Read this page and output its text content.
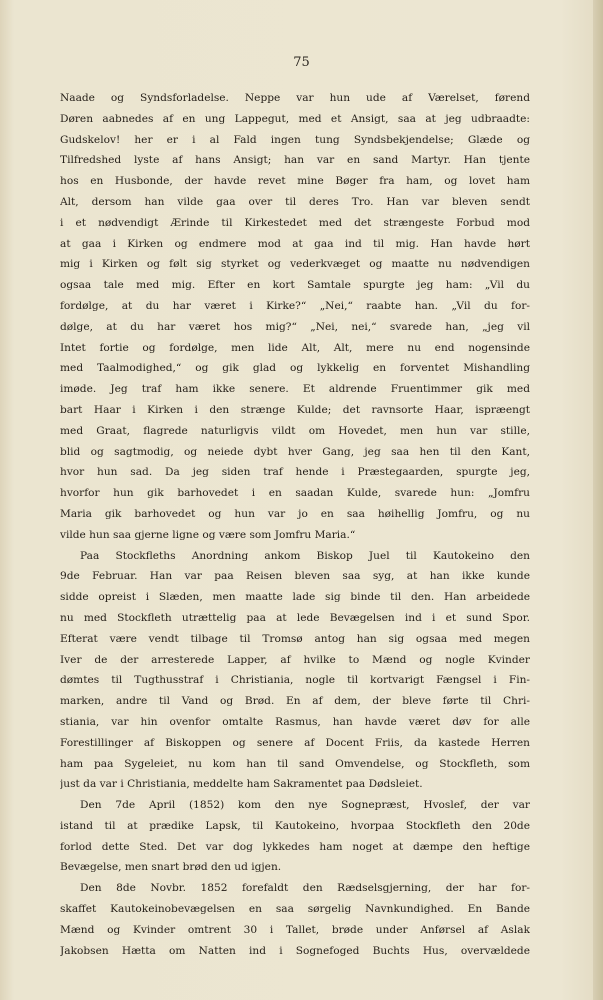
75
Naade og Syndsforladelse. Neppe var hun ude af Værelset, førend
Døren aabnedes af en ung Lappegut, med et Ansigt, saa at jeg udbraadte:
Gudskelov! her er i al Fald ingen tung Syndsbekjendelse; Glæde og
Tilfredshed lyste af hans Ansigt; han var en sand Martyr. Han tjente
hos en Husbonde, der havde revet mine Bøger fra ham, og lovet ham
Alt, dersom han vilde gaa over til deres Tro. Han var bleven sendt
i et nødvendigt Ærinde til Kirkestedet med det strængeste Forbud mod
at gaa i Kirken og endmere mod at gaa ind til mig. Han havde hørt
mig i Kirken og følt sig styrket og vederkvæget og maatte nu nødvendigen
ogsaa tale med mig. Efter en kort Samtale spurgte jeg ham: „Vil du
fordølge, at du har været i Kirke?“ „Nei,“ raabte han. „Vil du for-
dølge, at du har været hos mig?“ „Nei, nei,“ svarede han, „jeg vil
Intet fortie og fordølge, men lide Alt, Alt, mere nu end nogensinde
med Taalmodighed,“ og gik glad og lykkelig en forventet Mishandling
imøde. Jeg traf ham ikke senere. Et aldrende Fruentimmer gik med
bart Haar i Kirken i den strænge Kulde; det ravnsorte Haar, ispræengt
med Graat, flagrede naturligvis vildt om Hovedet, men hun var stille,
blid og sagtmodig, og neiede dybt hver Gang, jeg saa hen til den Kant,
hvor hun sad. Da jeg siden traf hende i Præstegaarden, spurgte jeg,
hvorfor hun gik barhovedet i en saadan Kulde, svarede hun: „Jomfru
Maria gik barhovedet og hun var jo en saa høihellig Jomfru, og nu
vilde hun saa gjerne ligne og være som Jomfru Maria.“
Paa Stockfleths Anordning ankom Biskop Juel til Kautokeino den
9de Februar. Han var paa Reisen bleven saa syg, at han ikke kunde
sidde opreist i Slæden, men maatte lade sig binde til den. Han arbeidede
nu med Stockfleth utrættelig paa at lede Bevægelsen ind i et sund Spor.
Efterat være vendt tilbage til Tromsø antog han sig ogsaa med megen
Iver de der arresterede Lapper, af hvilke to Mænd og nogle Kvinder
dømtes til Tugthusstraf i Christiania, nogle til kortvarigt Fængsel i Fin-
marken, andre til Vand og Brød. En af dem, der bleve førte til Chri-
stiania, var hin ovenfor omtalte Rasmus, han havde været døv for alle
Forestillinger af Biskoppen og senere af Docent Friis, da kastede Herren
ham paa Sygeleiet, nu kom han til sand Omvendelse, og Stockfleth, som
just da var i Christiania, meddelte ham Sakramentet paa Dødsleiet.
Den 7de April (1852) kom den nye Sognepræst, Hvoslef, der var
istand til at prædike Lapsk, til Kautokeino, hvorpaa Stockfleth den 20de
forlod dette Sted. Det var dog lykkedes ham noget at dæmpe den heftige
Bevægelse, men snart brød den ud igjen.
Den 8de Novbr. 1852 forefaldt den Rædselsgjerning, der har for-
skaffet Kautokeinobevægelsen en saa sørgelig Navnkundighed. En Bande
Mænd og Kvinder omtrent 30 i Tallet, brøde under Anførsel af Aslak
Jakobsen Hætta om Natten ind i Sognefoged Buchts Hus, overvældede
